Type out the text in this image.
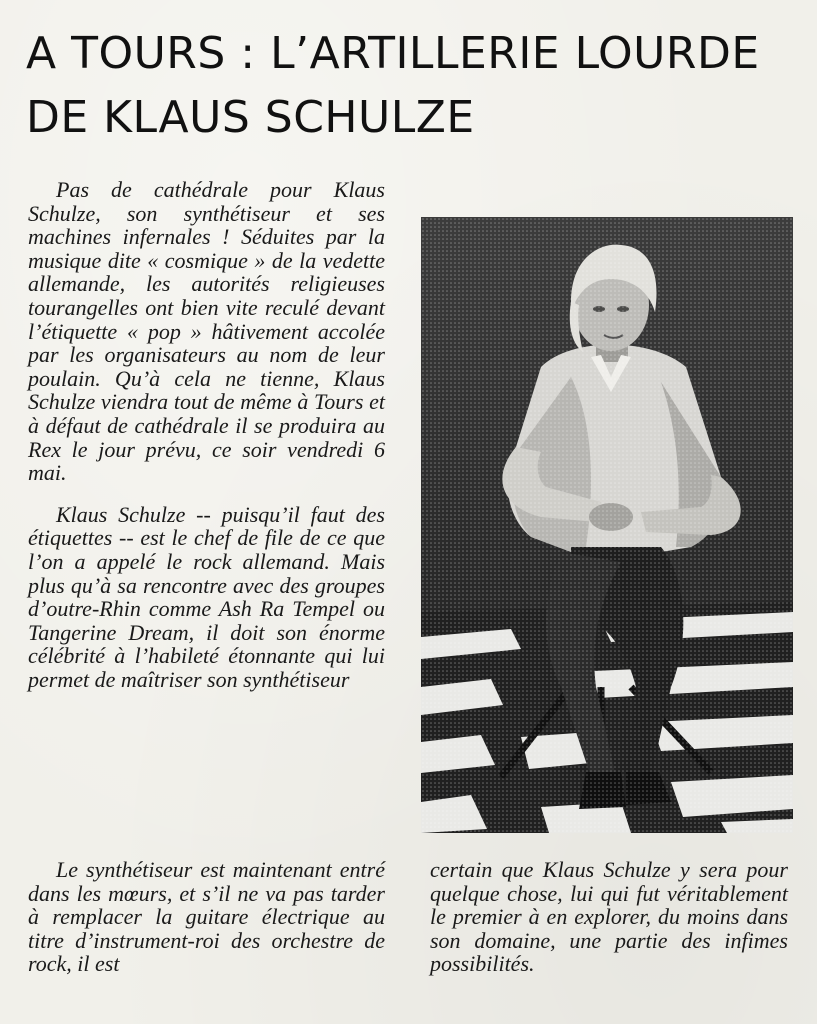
A TOURS : L’ARTILLERIE LOURDE
DE KLAUS SCHULZE

Pas de cathédrale pour Klaus Schulze, son synthétiseur et ses machines infernales ! Séduites par la musique dite « cosmique » de la vedette allemande, les autorités religieuses tourangelles ont bien vite reculé devant l’étiquette « pop » hâtivement accolée par les organisateurs au nom de leur poulain. Qu’à cela ne tienne, Klaus Schulze viendra tout de même à Tours et à défaut de cathédrale il se produira au Rex le jour prévu, ce soir vendredi 6 mai.

Klaus Schulze -- puisqu’il faut des étiquettes -- est le chef de file de ce que l’on a appelé le rock allemand. Mais plus qu’à sa rencontre avec des groupes d’outre-Rhin comme Ash Ra Tempel ou Tangerine Dream, il doit son énorme célébrité à l’habileté étonnante qui lui permet de maîtriser son synthétiseur

Le synthétiseur est maintenant entré dans les mœurs, et s’il ne va pas tarder à remplacer la guitare électrique au titre d’instrument-roi des orchestre de rock, il est

certain que Klaus Schulze y sera pour quelque chose, lui qui fut véritablement le premier à en explorer, du moins dans son domaine, une partie des infimes possibilités.
